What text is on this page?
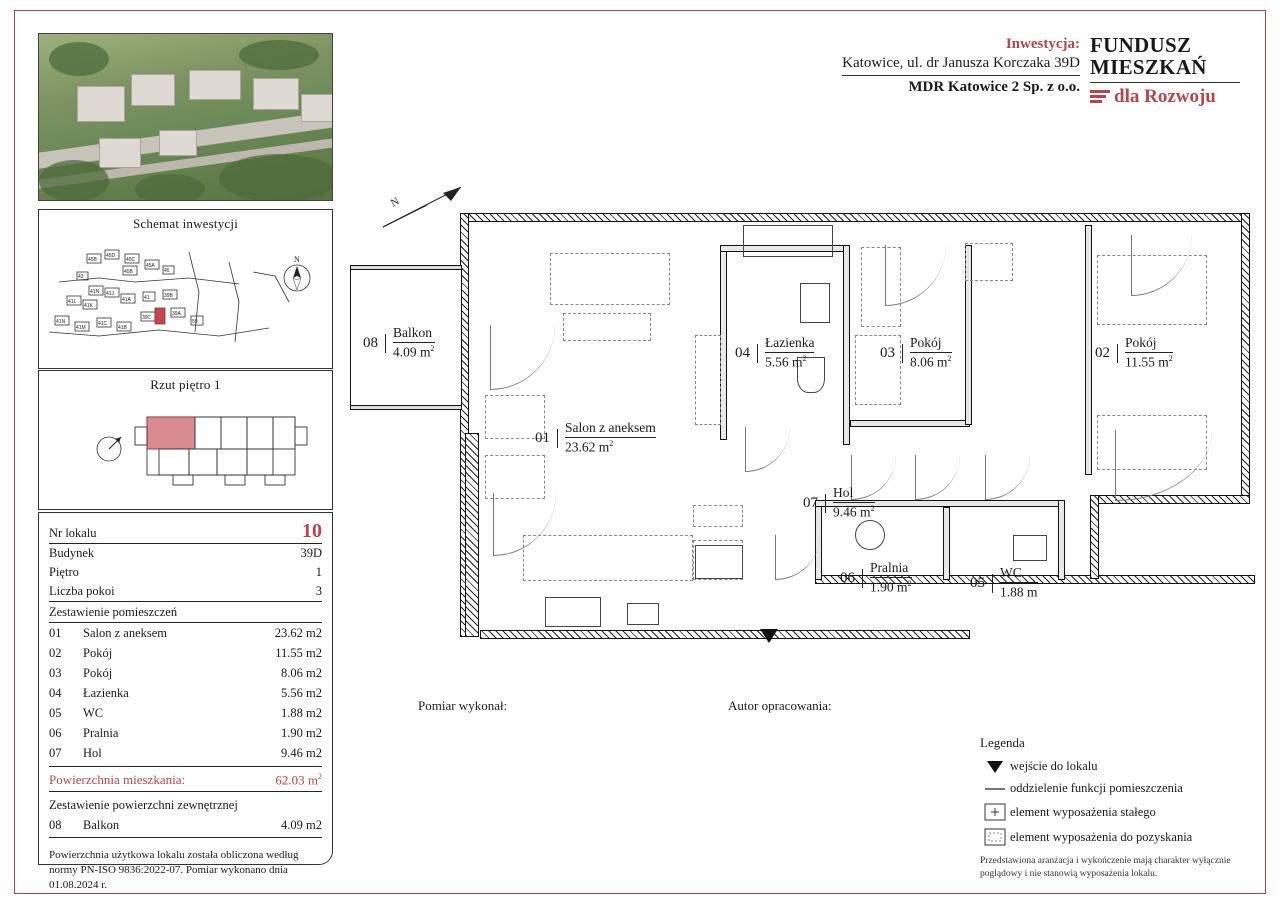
Schemat inwestycji
45B
45D
45C
45B
45A
45
43
41N
41L
41K
41J
41A	41	39B
41N
41M
41C
41B
39C
39A
59
N
Rzut piętro 1
Nr lokalu	10
Budynek	39D
Piętro	1
Liczba pokoi	3
Zestawienie pomieszczeń
01	Salon z aneksem	23.62 m2
02	Pokój	11.55 m2
03	Pokój	8.06 m2
04	Łazienka	5.56 m2
05	WC	1.88 m2
06	Pralnia	1.90 m2
07	Hol	9.46 m2
Powierzchnia mieszkania:	62.03 $m^2$
Zestawienie powierzchni zewnętrznej
08	Balkon	4.09 m2
Powierzchnia użytkowa lokalu została obliczona według normy PN-ISO 9836:2022-07. Pomiar wykonano dnia 01.08.2024 r.
Inwestycja:
Katowice, ul. dr Janusza Korczaka 39D
MDR Katowice 2 Sp. z o.o.
FUNDUSZ
MIESZKAŃ
dla Rozwoju
N
08
Balkon
4.09 $m^2$
01
Salon z aneksem
23.62 $m^2$
04
Łazienka
5.56 $m^2$	03
Pokój
8.06 $m^2$	02
Pokój
11.55 $m^2$
07
Hol
9.46 $m^2$
06
Pralnia
1.90 $m^2$	05
WC
1.88 m
Pomiar wykonał:	Autor opracowania:
Legenda
wejście do lokalu
oddzielenie funkcji pomieszczenia
element wyposażenia stałego
element wyposażenia do pozyskania
Przedstawiona aranżacja i wykończenie mają charakter wyłącznie poglądowy i nie stanowią wyposażenia lokalu.
